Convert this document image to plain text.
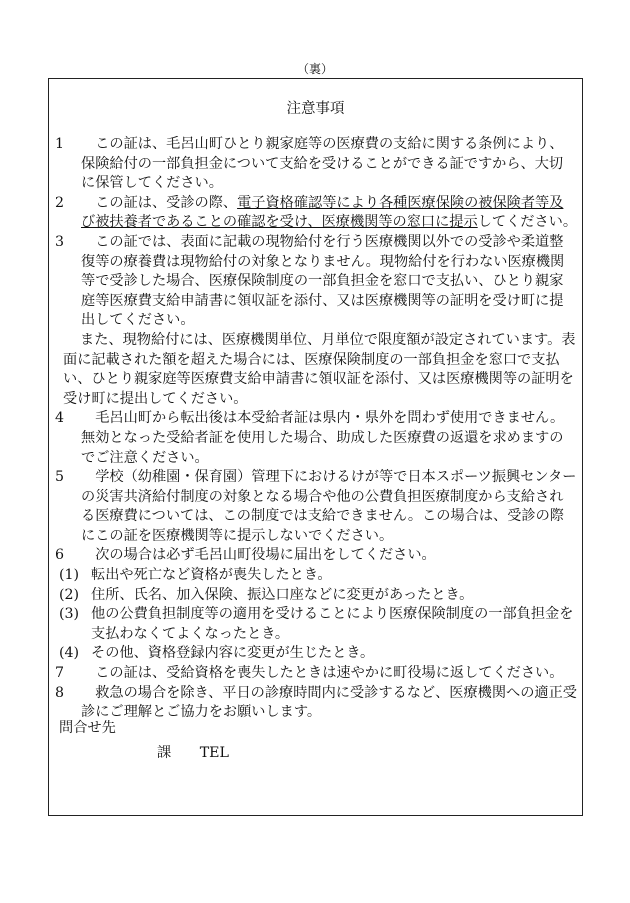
（裏）
注意事項
1	この証は、毛呂山町ひとり親家庭等の医療費の支給に関する条例により、保険給付の一部負担金について支給を受けることができる証ですから、大切に保管してください。
2	この証は、受診の際、電子資格確認等により各種医療保険の被保険者等及び被扶養者であることの確認を受け、医療機関等の窓口に提示してください。
3	この証では、表面に記載の現物給付を行う医療機関以外での受診や柔道整復等の療養費は現物給付の対象となりません。現物給付を行わない医療機関等で受診した場合、医療保険制度の一部負担金を窓口で支払い、ひとり親家庭等医療費支給申請書に領収証を添付、又は医療機関等の証明を受け町に提出してください。
また、現物給付には、医療機関単位、月単位で限度額が設定されています。表面に記載された額を超えた場合には、医療保険制度の一部負担金を窓口で支払い、ひとり親家庭等医療費支給申請書に領収証を添付、又は医療機関等の証明を受け町に提出してください。
4	毛呂山町から転出後は本受給者証は県内・県外を問わず使用できません。無効となった受給者証を使用した場合、助成した医療費の返還を求めますのでご注意ください。
5	学校（幼稚園・保育園）管理下におけるけが等で日本スポーツ振興センターの災害共済給付制度の対象となる場合や他の公費負担医療制度から支給される医療費については、この制度では支給できません。この場合は、受診の際にこの証を医療機関等に提示しないでください。
6	次の場合は必ず毛呂山町役場に届出をしてください。
(1) 転出や死亡など資格が喪失したとき。
(2) 住所、氏名、加入保険、振込口座などに変更があったとき。
(3) 他の公費負担制度等の適用を受けることにより医療保険制度の一部負担金を支払わなくてよくなったとき。
(4) その他、資格登録内容に変更が生じたとき。
7	この証は、受給資格を喪失したときは速やかに町役場に返してください。
8	救急の場合を除き、平日の診療時間内に受診するなど、医療機関への適正受診にご理解とご協力をお願いします。
問合せ先
課 TEL
